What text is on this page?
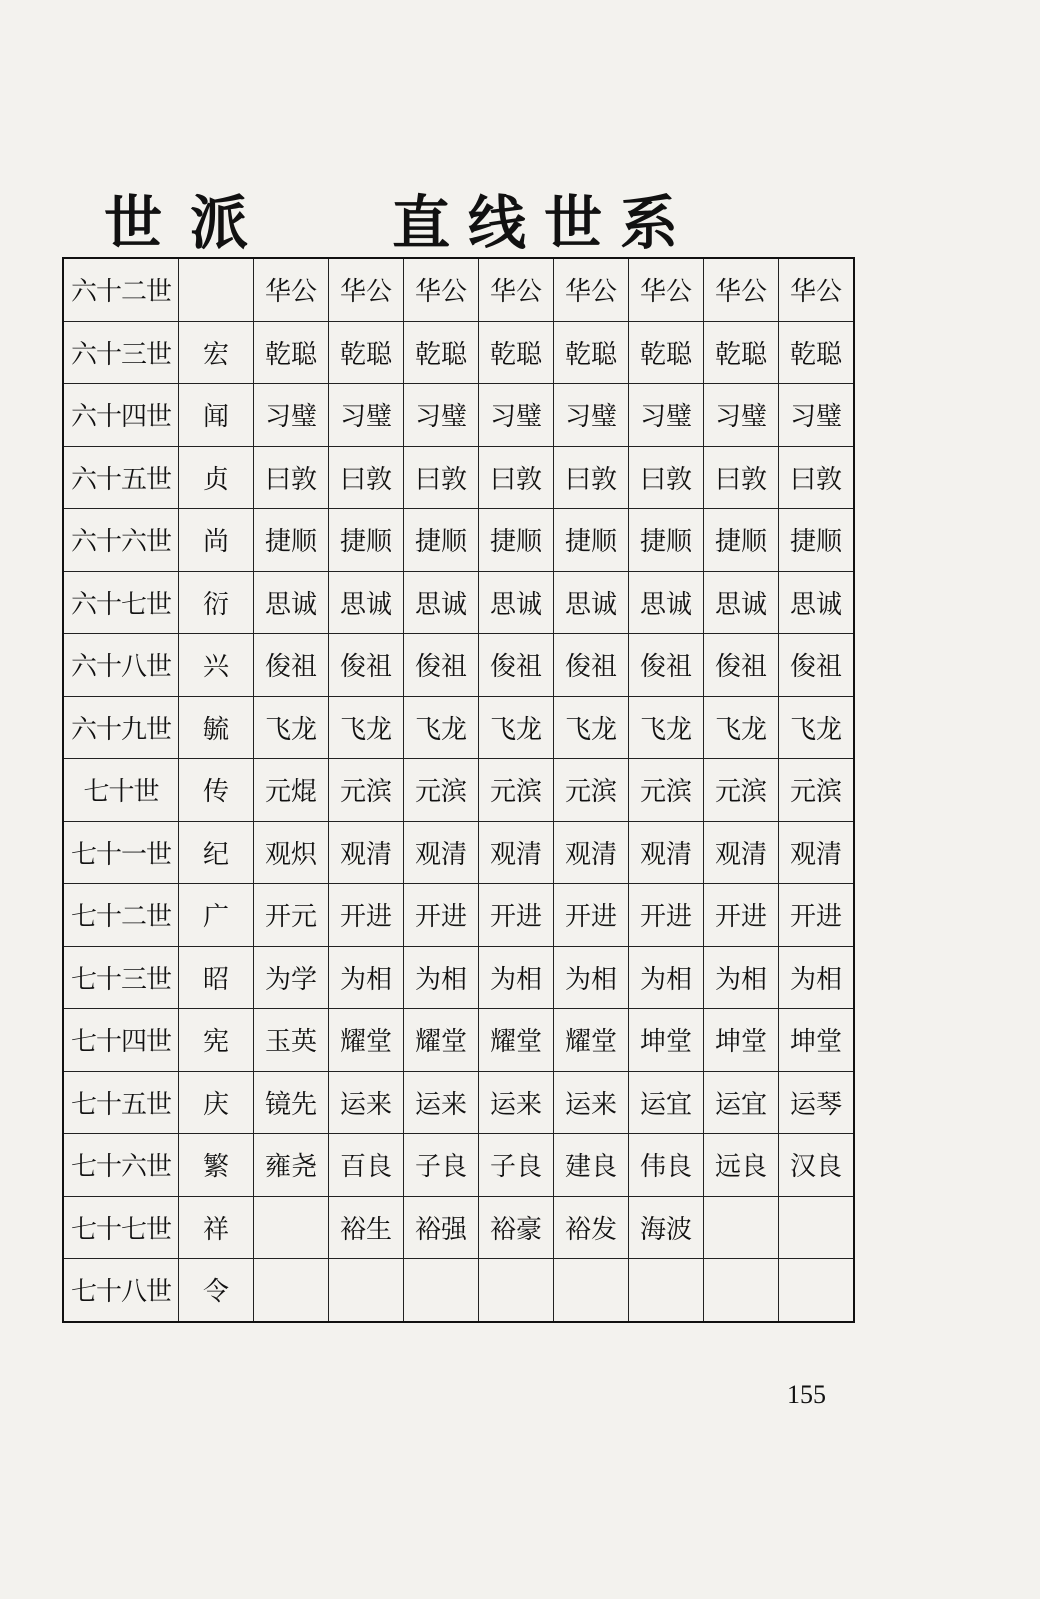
世派 直线世系
六十二世		华公	华公	华公	华公	华公	华公	华公	华公
六十三世	宏	乾聪	乾聪	乾聪	乾聪	乾聪	乾聪	乾聪	乾聪
六十四世	闻	习璧	习璧	习璧	习璧	习璧	习璧	习璧	习璧
六十五世	贞	曰敦	曰敦	曰敦	曰敦	曰敦	曰敦	曰敦	曰敦
六十六世	尚	捷顺	捷顺	捷顺	捷顺	捷顺	捷顺	捷顺	捷顺
六十七世	衍	思诚	思诚	思诚	思诚	思诚	思诚	思诚	思诚
六十八世	兴	俊祖	俊祖	俊祖	俊祖	俊祖	俊祖	俊祖	俊祖
六十九世	毓	飞龙	飞龙	飞龙	飞龙	飞龙	飞龙	飞龙	飞龙
七十世	传	元焜	元滨	元滨	元滨	元滨	元滨	元滨	元滨
七十一世	纪	观炽	观清	观清	观清	观清	观清	观清	观清
七十二世	广	开元	开进	开进	开进	开进	开进	开进	开进
七十三世	昭	为学	为相	为相	为相	为相	为相	为相	为相
七十四世	宪	玉英	耀堂	耀堂	耀堂	耀堂	坤堂	坤堂	坤堂
七十五世	庆	镜先	运来	运来	运来	运来	运宜	运宜	运琴
七十六世	繁	雍尧	百良	子良	子良	建良	伟良	远良	汉良
七十七世	祥		裕生	裕强	裕豪	裕发	海波		
七十八世	令								
155
